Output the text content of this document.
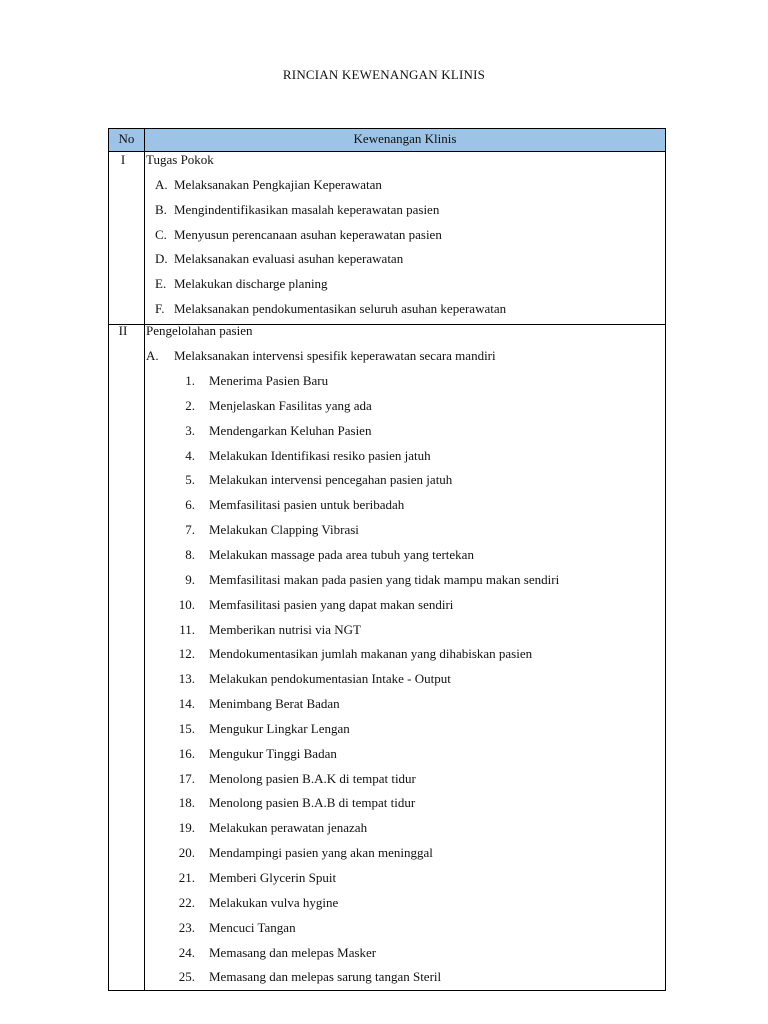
RINCIAN KEWENANGAN KLINIS
No	Kewenangan Klinis
I	Tugas Pokok
A. Melaksanakan Pengkajian Keperawatan
B. Mengindentifikasikan masalah keperawatan pasien
C. Menyusun perencanaan asuhan keperawatan pasien
D. Melaksanakan evaluasi asuhan keperawatan
E. Melakukan discharge planing
F. Melaksanakan pendokumentasikan seluruh asuhan keperawatan
II	Pengelolahan pasien
A. Melaksanakan intervensi spesifik keperawatan secara mandiri
1. Menerima Pasien Baru
2. Menjelaskan Fasilitas yang ada
3. Mendengarkan Keluhan Pasien
4. Melakukan Identifikasi resiko pasien jatuh
5. Melakukan intervensi pencegahan pasien jatuh
6. Memfasilitasi pasien untuk beribadah
7. Melakukan Clapping Vibrasi
8. Melakukan massage pada area tubuh yang tertekan
9. Memfasilitasi makan pada pasien yang tidak mampu makan sendiri
10. Memfasilitasi pasien yang dapat makan sendiri
11. Memberikan nutrisi via NGT
12. Mendokumentasikan jumlah makanan yang dihabiskan pasien
13. Melakukan pendokumentasian Intake - Output
14. Menimbang Berat Badan
15. Mengukur Lingkar Lengan
16. Mengukur Tinggi Badan
17. Menolong pasien B.A.K di tempat tidur
18. Menolong pasien B.A.B di tempat tidur
19. Melakukan perawatan jenazah
20. Mendampingi pasien yang akan meninggal
21. Memberi Glycerin Spuit
22. Melakukan vulva hygine
23. Mencuci Tangan
24. Memasang dan melepas Masker
25. Memasang dan melepas sarung tangan Steril
